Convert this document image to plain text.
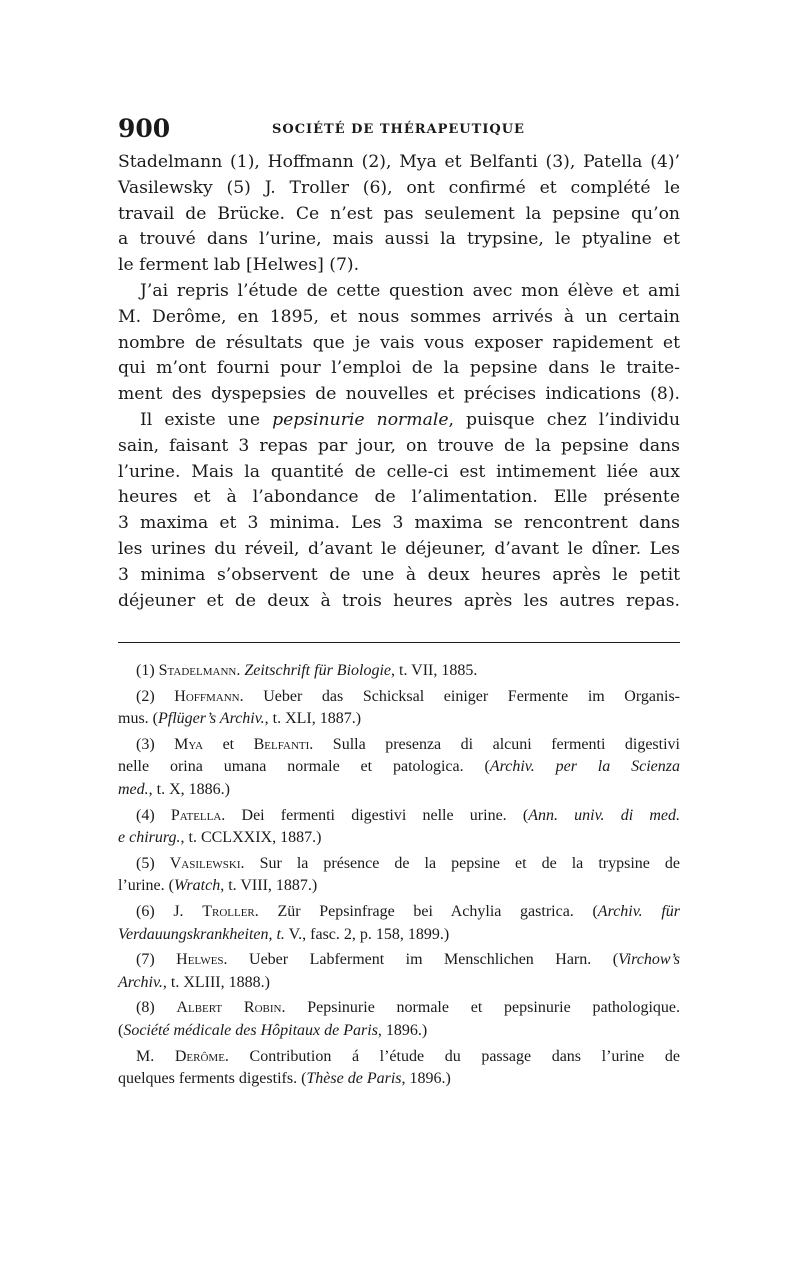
900	SOCIÉTÉ DE THÉRAPEUTIQUE
Stadelmann (1), Hoffmann (2), Mya et Belfanti (3), Patella (4)’
Vasilewsky (5) J. Troller (6), ont confirmé et complété le
travail de Brücke. Ce n’est pas seulement la pepsine qu’on
a trouvé dans l’urine, mais aussi la trypsine, le ptyaline et
le ferment lab [Helwes] (7).
J’ai repris l’étude de cette question avec mon élève et ami
M. Derôme, en 1895, et nous sommes arrivés à un certain
nombre de résultats que je vais vous exposer rapidement et
qui m’ont fourni pour l’emploi de la pepsine dans le traite-
ment des dyspepsies de nouvelles et précises indications (8).
Il existe une pepsinurie normale, puisque chez l’individu
sain, faisant 3 repas par jour, on trouve de la pepsine dans
l’urine. Mais la quantité de celle-ci est intimement liée aux
heures et à l’abondance de l’alimentation. Elle présente
3 maxima et 3 minima. Les 3 maxima se rencontrent dans
les urines du réveil, d’avant le déjeuner, d’avant le dîner. Les
3 minima s’observent de une à deux heures après le petit
déjeuner et de deux à trois heures après les autres repas.
(1) Stadelmann. Zeitschrift für Biologie, t. VII, 1885.
(2) Hoffmann. Ueber das Schicksal einiger Fermente im Organis-
mus. (Pflüger’s Archiv., t. XLI, 1887.)
(3) Mya et Belfanti. Sulla presenza di alcuni fermenti digestivi
nelle orina umana normale et patologica. (Archiv. per la Scienza
med., t. X, 1886.)
(4) Patella. Dei fermenti digestivi nelle urine. (Ann. univ. di med.
e chirurg., t. CCLXXIX, 1887.)
(5) Vasilewski. Sur la présence de la pepsine et de la trypsine de
l’urine. (Wratch, t. VIII, 1887.)
(6) J. Troller. Zür Pepsinfrage bei Achylia gastrica. (Archiv. für
Verdauungskrankheiten, t. V., fasc. 2, p. 158, 1899.)
(7) Helwes. Ueber Labferment im Menschlichen Harn. (Virchow’s
Archiv., t. XLIII, 1888.)
(8) Albert Robin. Pepsinurie normale et pepsinurie pathologique.
(Société médicale des Hôpitaux de Paris, 1896.)
M. Derôme. Contribution á l’étude du passage dans l’urine de
quelques ferments digestifs. (Thèse de Paris, 1896.)
